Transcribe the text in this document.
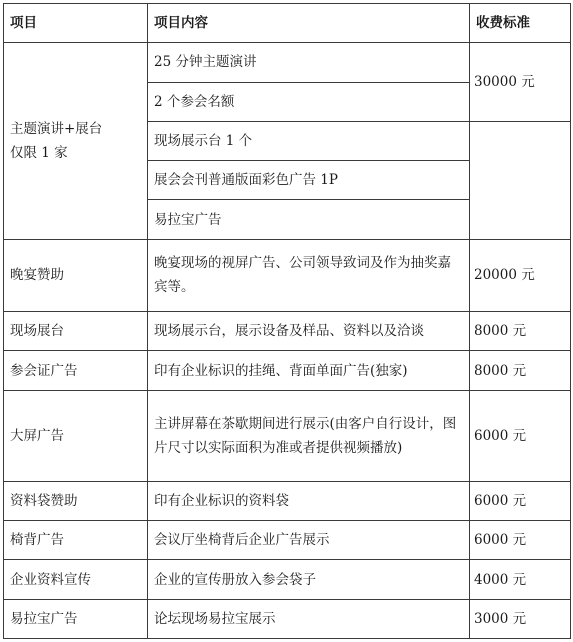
项目	项目内容	收费标准
主题演讲+展台
仅限 1 家	25 分钟主题演讲	30000 元
	2 个参会名额	
	现场展示台 1 个	
	展会会刊普通版面彩色广告 1P	
	易拉宝广告	
晚宴赞助	晚宴现场的视屏广告、公司领导致词及作为抽奖嘉宾等。	20000 元
现场展台	现场展示台，展示设备及样品、资料以及洽谈	8000 元
参会证广告	印有企业标识的挂绳、背面单面广告(独家)	8000 元
大屏广告	主讲屏幕在茶歇期间进行展示(由客户自行设计，图片尺寸以实际面积为准或者提供视频播放)	6000 元
资料袋赞助	印有企业标识的资料袋	6000 元
椅背广告	会议厅坐椅背后企业广告展示	6000 元
企业资料宣传	企业的宣传册放入参会袋子	4000 元
易拉宝广告	论坛现场易拉宝展示	3000 元
